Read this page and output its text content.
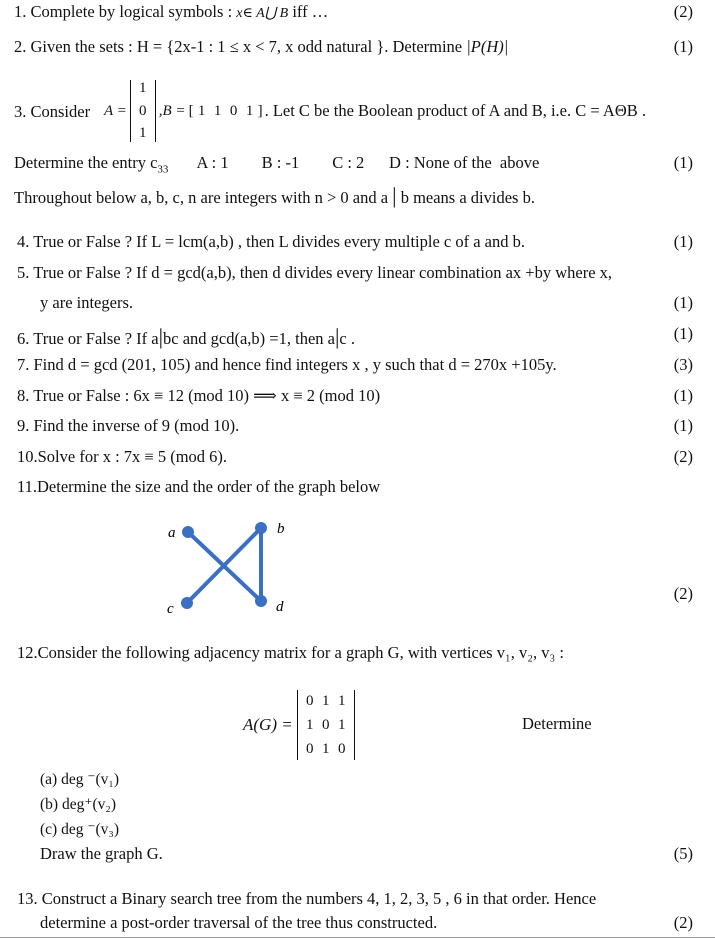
1. Complete by logical symbols : x∈ A⋃ B iff …	(2)
2. Given the sets : H = {2x-1 : 1 ≤ x < 7, x odd natural }. Determine |P(H)|	(1)
3. Consider A =
1
0
1
,B = [ 1 1 0 1 ] . Let C be the Boolean product of A and B, i.e. C = AΘB .
Determine the entry $c_{33}$ A : 1        B : -1        C : 2      D : None of the  above	(1)
Throughout below a, b, c, n are integers with n > 0 and a | b means a divides b.
4. True or False ? If L = lcm(a,b) , then L divides every multiple c of a and b.	(1)
5. True or False ? If d = gcd(a,b), then d divides every linear combination ax +by where x,
y are integers.	(1)
6. True or False ? If a|bc and gcd(a,b) =1, then a|c .	(1)
7. Find d = gcd (201, 105) and hence find integers x , y such that d = 270x +105y.	(3)
8. True or False : 6x ≡ 12 (mod 10) ⟹ x ≡ 2 (mod 10)	(1)
9. Find the inverse of 9 (mod 10).	(1)
10.Solve for x : 7x ≡ 5 (mod 6).	(2)
11.Determine the size and the order of the graph below
a	b
c	d
(2)
12.Consider the following adjacency matrix for a graph G, with vertices v₁, v₂, v₃ :
A(G) =
0 1 1
1 0 1
0 1 0
Determine
(a) deg ⁻(v₁)
(b) deg⁺(v₂)
(c) deg ⁻(v₃)
Draw the graph G.	(5)
13. Construct a Binary search tree from the numbers 4, 1, 2, 3, 5 , 6 in that order. Hence
determine a post-order traversal of the tree thus constructed.	(2)
